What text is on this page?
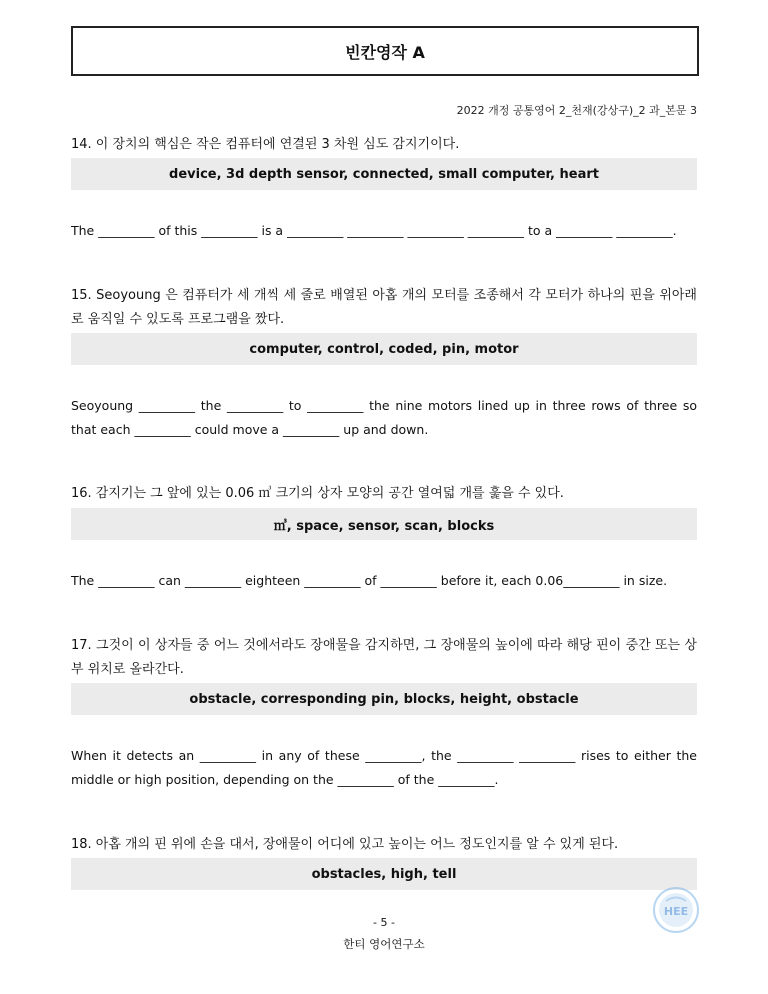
빈칸영작 A
2022 개정 공통영어 2_천재(강상구)_2 과_본문 3
14. 이 장치의 핵심은 작은 컴퓨터에 연결된 3 차원 심도 감지기이다.
device, 3d depth sensor, connected, small computer, heart
The _________ of this _________ is a _________ _________ _________ _________ to a _________ _________.
15. Seoyoung 은 컴퓨터가 세 개씩 세 줄로 배열된 아홉 개의 모터를 조종해서 각 모터가 하나의 핀을 위아래로 움직일 수 있도록 프로그램을 짰다.
computer, control, coded, pin, motor
Seoyoung _________ the _________ to _________ the nine motors lined up in three rows of three so that each _________ could move a _________ up and down.
16. 감지기는 그 앞에 있는 0.06 ㎥ 크기의 상자 모양의 공간 열여덟 개를 훑을 수 있다.
㎥, space, sensor, scan, blocks
The _________ can _________ eighteen _________ of _________ before it, each 0.06_________ in size.
17. 그것이 이 상자들 중 어느 것에서라도 장애물을 감지하면, 그 장애물의 높이에 따라 해당 핀이 중간 또는 상부 위치로 올라간다.
obstacle, corresponding pin, blocks, height, obstacle
When it detects an _________ in any of these _________, the _________ _________ rises to either the middle or high position, depending on the _________ of the _________.
18. 아홉 개의 핀 위에 손을 대서, 장애물이 어디에 있고 높이는 어느 정도인지를 알 수 있게 된다.
obstacles, high, tell
HEE
- 5 -
한티 영어연구소
